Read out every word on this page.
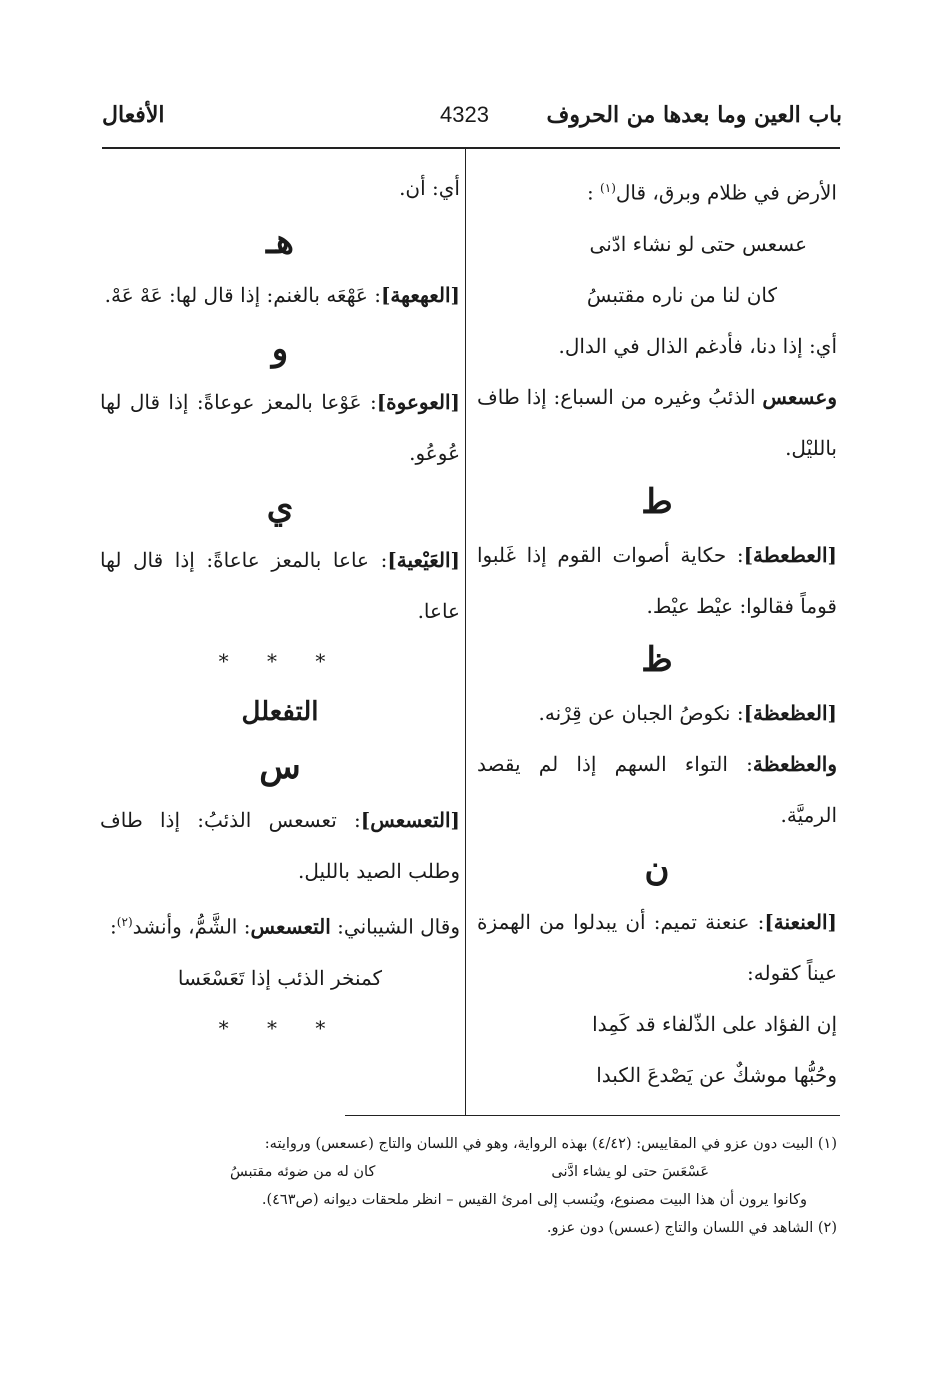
باب العين وما بعدها من الحروف
4323
الأفعال

الأرض في ظلام وبرق، قال$^{(١)}$ :

عسعس حتى لو نشاء ادّنى

كان لنا من ناره مقتبسُ

أي: إذا دنا، فأدغم الذال في الدال.

وعسعس الذئبُ وغيره من السباع: إذا طاف بالليْل.

ط

[العطعطة]: حكاية أصوات القوم إذا غَلبوا قوماً فقالوا: عيْط عيْط.

ظ

[العظعظة]: نكوصُ الجبان عن قِرْنه.

والعظعظة: التواء السهم إذا لم يقصد الرميَّة.

ن

[العنعنة]: عنعنة تميم: أن يبدلوا من الهمزة عيناً كقوله:

إن الفؤاد على الذّلفاء قد كَمِدا

وحُبُّها موشكٌ عن يَصْدعَ الكبدا

أي: أن.

هـ

[العهعهة]: عَهْعَه بالغنم: إذا قال لها: عَهْ عَهْ.

و

[العوعوة]: عَوْعا بالمعز عوعاةً: إذا قال لها عُوعُو.

ي

[العَيْعية]: عاعا بالمعز عاعاةً: إذا قال لها عاعا.

* * *

التفعلل

س

[التعسعس]: تعسعس الذئبُ: إذا طاف وطلب الصيد بالليل.

وقال الشيباني: التعسعس: الشَّمُّ، وأنشد$^{(٢)}$:

كمنخر الذئب إذا تَعَسْعَسا

* * *

(١) البيت دون عزو في المقاييس: (٤/٤٢) بهذه الرواية، وهو في اللسان والتاج (عسعس) وروايته:

عَسْعَسَ حتى لو يشاء ادَّنى
كان له من ضوئه مقتبسُ

وكانوا يرون أن هذا البيت مصنوع، ويُنسب إلى امرئ القيس – انظر ملحقات ديوانه (ص٤٦٣).

(٢) الشاهد في اللسان والتاج (عسس) دون عزو.
